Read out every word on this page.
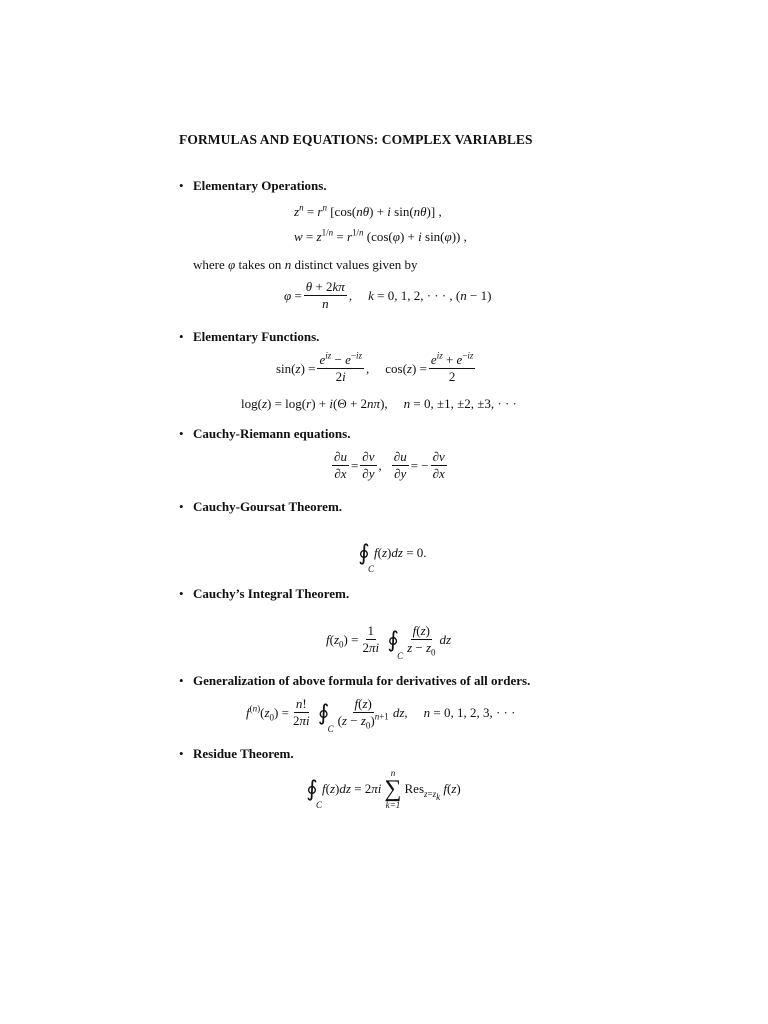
FORMULAS AND EQUATIONS: COMPLEX VARIABLES
• Elementary Operations.
$z^n = r^n$ [cos(nθ) + i sin(nθ)] ,
$w = z^{1/n} = r^{1/n}$ (cos(φ) + i sin(φ)) ,
where φ takes on n distinct values given by
$\varphi = \frac{\theta + 2k\pi}{n}$ , k = 0, 1, 2, · · · , (n − 1)
• Elementary Functions.
$\sin(z) = \frac{e^{iz} - e^{-iz}}{2i}$ , $\cos(z) = \frac{e^{iz} + e^{-iz}}{2}$
log(z) = log(r) + i(Θ + 2nπ), n = 0, ±1, ±2, ±3, · · ·
• Cauchy-Riemann equations.
$\frac{\partial u}{\partial x} = \frac{\partial v}{\partial y}$ , $\frac{\partial u}{\partial y}$ = − $\frac{\partial v}{\partial x}$
• Cauchy-Goursat Theorem.
∮
C
f(z)dz = 0.
• Cauchy’s Integral Theorem.
$f(z_0) = \frac{1}{2\pi i}$ ∮
C
$\frac{f(z)}{z - z_0}$ dz
• Generalization of above formula for derivatives of all orders.
$f^{(n)}(z_0) = \frac{n!}{2\pi i}$ ∮
C
$\frac{f(z)}{(z - z_0)^{n+1}}$ dz, n = 0, 1, 2, 3, · · ·
• Residue Theorem.
∮
C
f(z)dz = 2πi
n
∑
k=1
Res$_{z=z_k}$ f(z)
